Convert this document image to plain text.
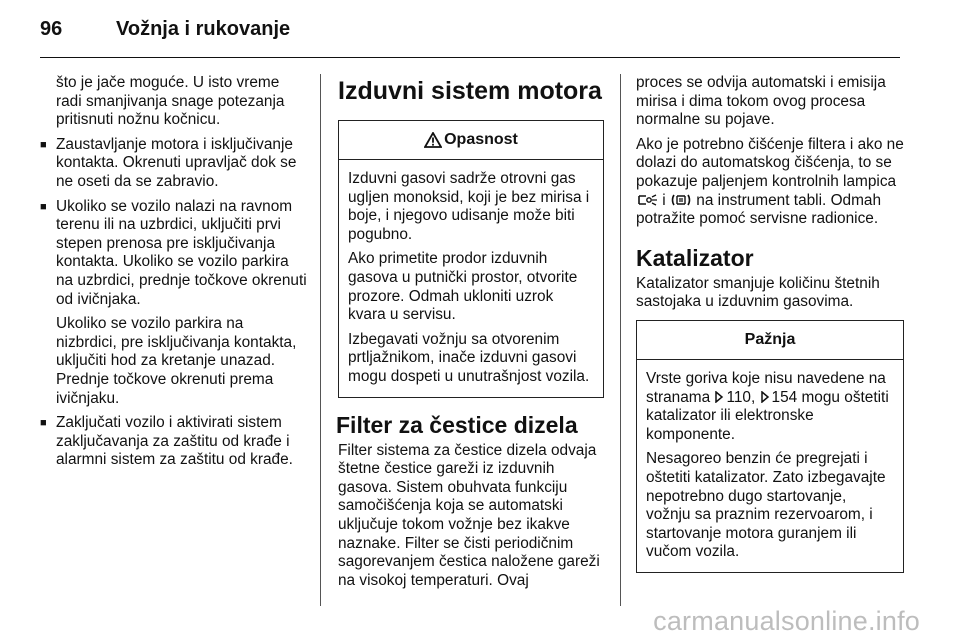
96	Vožnja i rukovanje

što je jače moguće. U isto vreme radi smanjivanja snage potezanja pritisnuti nožnu kočnicu.

■ Zaustavljanje motora i isključivanje kontakta. Okrenuti upravljač dok se ne oseti da se zabravio.
■ Ukoliko se vozilo nalazi na ravnom terenu ili na uzbrdici, uključiti prvi stepen prenosa pre isključivanja kontakta. Ukoliko se vozilo parkira na uzbrdici, prednje točkove okrenuti od ivičnjaka.

Ukoliko se vozilo parkira na nizbrdici, pre isključivanja kontakta, uključiti hod za kretanje unazad. Prednje točkove okrenuti prema ivičnjaku.

■ Zaključati vozilo i aktivirati sistem zaključavanja za zaštitu od krađe i alarmni sistem za zaštitu od krađe.
Izduvni sistem motora
Opasnost

Izduvni gasovi sadrže otrovni gas ugljen monoksid, koji je bez mirisa i boje, i njegovo udisanje može biti pogubno.

Ako primetite prodor izduvnih gasova u putnički prostor, otvorite prozore. Odmah ukloniti uzrok kvara u servisu.

Izbegavati vožnju sa otvorenim prtljažnikom, inače izduvni gasovi mogu dospeti u unutrašnjost vozila.

Filter za čestice dizela

Filter sistema za čestice dizela odvaja štetne čestice gareži iz izduvnih gasova. Sistem obuhvata funkciju samočišćenja koja se automatski uključuje tokom vožnje bez ikakve naznake. Filter se čisti periodičnim sagorevanjem čestica naložene gareži na visokoj temperaturi. Ovaj

proces se odvija automatski i emisija mirisa i dima tokom ovog procesa normalne su pojave.

Ako je potrebno čišćenje filtera i ako ne dolazi do automatskog čišćenja, to se pokazuje paljenjem kontrolnih lampica  i na instrument tabli. Odmah potražite pomoć servisne radionice.

Katalizator

Katalizator smanjuje količinu štetnih sastojaka u izduvnim gasovima.

Pažnja

Vrste goriva koje nisu navedene na stranama 110, 154 mogu oštetiti katalizator ili elektronske komponente.

Nesagoreo benzin će pregrejati i oštetiti katalizator. Zato izbegavajte nepotrebno dugo startovanje, vožnju sa praznim rezervoarom, i startovanje motora guranjem ili vučom vozila.

carmanualsonline.info
